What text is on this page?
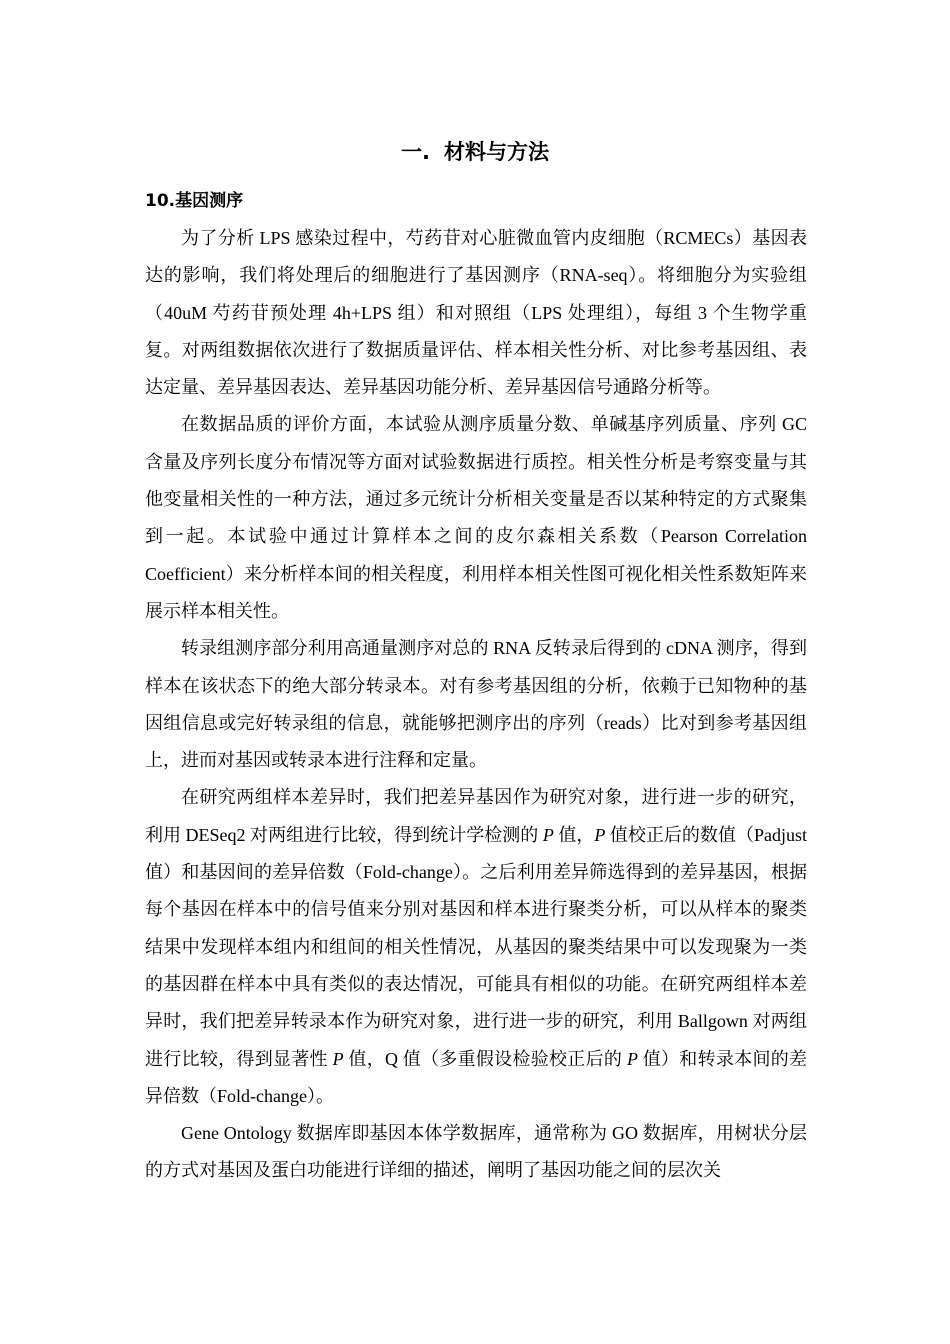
一. 材料与方法
10.基因测序

为了分析 LPS 感染过程中，芍药苷对心脏微血管内皮细胞（RCMECs）基因表达的影响，我们将处理后的细胞进行了基因测序（RNA-seq）。将细胞分为实验组（40uM 芍药苷预处理 4h+LPS 组）和对照组（LPS 处理组），每组 3 个生物学重复。对两组数据依次进行了数据质量评估、样本相关性分析、对比参考基因组、表达定量、差异基因表达、差异基因功能分析、差异基因信号通路分析等。

在数据品质的评价方面，本试验从测序质量分数、单碱基序列质量、序列 GC 含量及序列长度分布情况等方面对试验数据进行质控。相关性分析是考察变量与其他变量相关性的一种方法，通过多元统计分析相关变量是否以某种特定的方式聚集到一起。本试验中通过计算样本之间的皮尔森相关系数（Pearson Correlation Coefficient）来分析样本间的相关程度，利用样本相关性图可视化相关性系数矩阵来展示样本相关性。

转录组测序部分利用高通量测序对总的 RNA 反转录后得到的 cDNA 测序，得到样本在该状态下的绝大部分转录本。对有参考基因组的分析，依赖于已知物种的基因组信息或完好转录组的信息，就能够把测序出的序列（reads）比对到参考基因组上，进而对基因或转录本进行注释和定量。

在研究两组样本差异时，我们把差异基因作为研究对象，进行进一步的研究，利用 DESeq2 对两组进行比较，得到统计学检测的 P 值，P 值校正后的数值（Padjust 值）和基因间的差异倍数（Fold-change）。之后利用差异筛选得到的差异基因，根据每个基因在样本中的信号值来分别对基因和样本进行聚类分析，可以从样本的聚类结果中发现样本组内和组间的相关性情况，从基因的聚类结果中可以发现聚为一类的基因群在样本中具有类似的表达情况，可能具有相似的功能。在研究两组样本差异时，我们把差异转录本作为研究对象，进行进一步的研究，利用 Ballgown 对两组进行比较，得到显著性 P 值，Q 值（多重假设检验校正后的 P 值）和转录本间的差异倍数（Fold-change）。

Gene Ontology 数据库即基因本体学数据库，通常称为 GO 数据库，用树状分层的方式对基因及蛋白功能进行详细的描述，阐明了基因功能之间的层次关
